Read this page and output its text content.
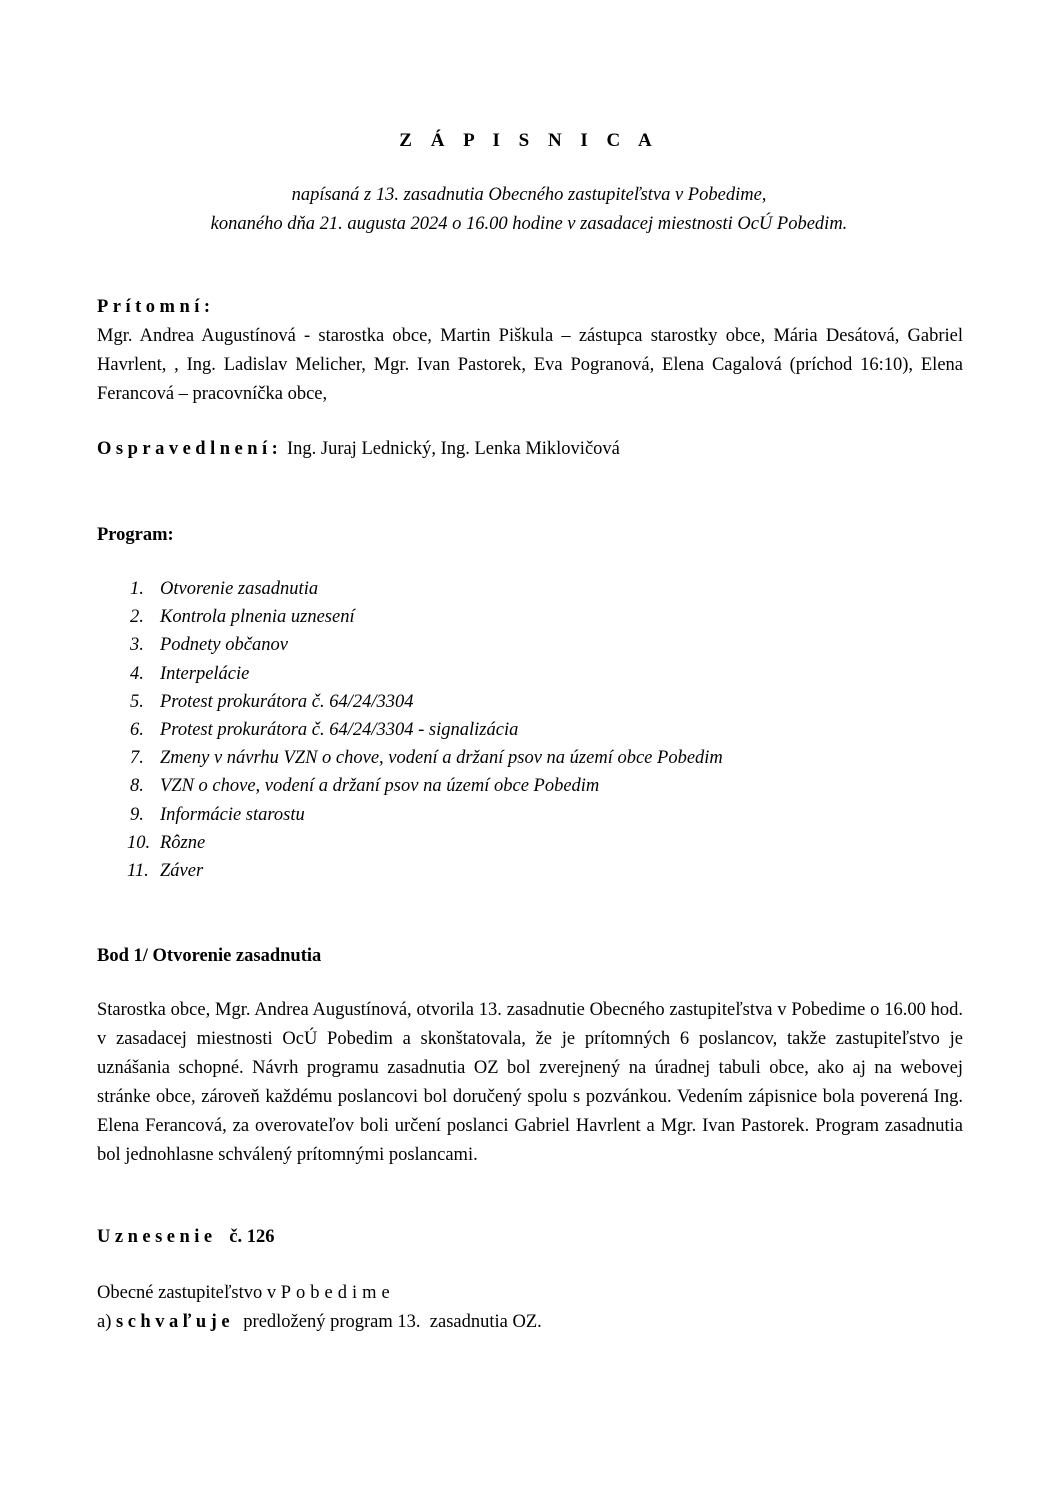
Z Á P I S N I C A

napísaná z 13. zasadnutia Obecného zastupiteľstva v Pobedime,
konaného dňa 21. augusta 2024 o 16.00 hodine v zasadacej miestnosti OcÚ Pobedim.

Prítomní:
Mgr. Andrea Augustínová - starostka obce, Martin Piškula – zástupca starostky obce, Mária Desátová, Gabriel Havrlent, , Ing. Ladislav Melicher, Mgr. Ivan Pastorek, Eva Pogranová, Elena Cagalová (príchod 16:10), Elena Ferancová – pracovníčka obce,
Ospravedlnení: Ing. Juraj Lednický, Ing. Lenka Miklovičová
Program:
1. Otvorenie zasadnutia
2. Kontrola plnenia uznesení
3. Podnety občanov
4. Interpelácie
5. Protest prokurátora č. 64/24/3304
6. Protest prokurátora č. 64/24/3304 - signalizácia
7. Zmeny v návrhu VZN o chove, vodení a držaní psov na území obce Pobedim
8. VZN o chove, vodení a držaní psov na území obce Pobedim
9. Informácie starostu
10. Rôzne
11. Záver
Bod 1/ Otvorenie zasadnutia
Starostka obce, Mgr. Andrea Augustínová, otvorila 13. zasadnutie Obecného zastupiteľstva v Pobedime o 16.00 hod. v zasadacej miestnosti OcÚ Pobedim a skonštatovala, že je prítomných 6 poslancov, takže zastupiteľstvo je uznášania schopné. Návrh programu zasadnutia OZ bol zverejnený na úradnej tabuli obce, ako aj na webovej stránke obce, zároveň každému poslancovi bol doručený spolu s pozvánkou. Vedením zápisnice bola poverená Ing. Elena Ferancová, za overovateľov boli určení poslanci Gabriel Havrlent a Mgr. Ivan Pastorek. Program zasadnutia bol jednohlasne schválený prítomnými poslancami.
Uznesenie č. 126
Obecné zastupiteľstvo v Pobedime
a) schvaľuje  predložený program 13.  zasadnutia OZ.
